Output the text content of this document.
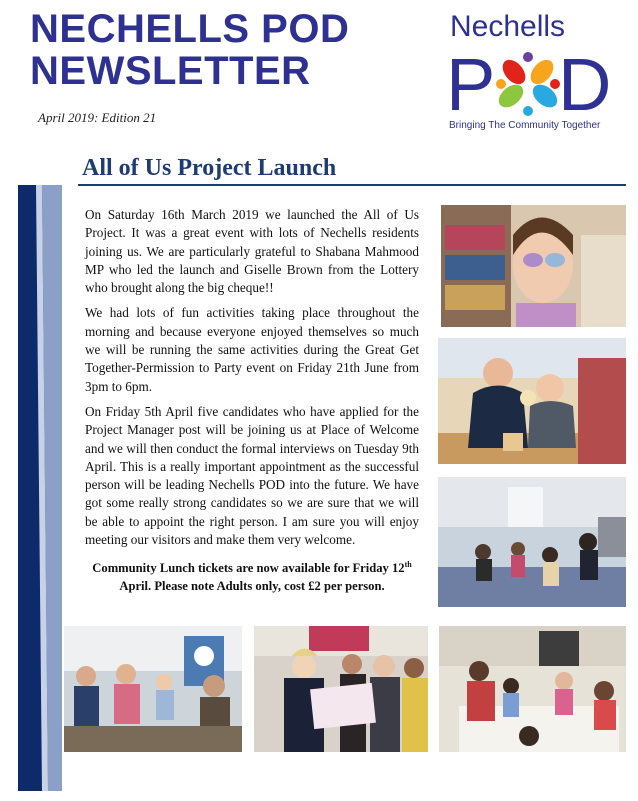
NECHELLS POD
NEWSLETTER
April 2019: Edition 21
Nechells
P D
Bringing The Community Together
All of Us Project Launch

On Saturday 16th March 2019 we launched the All of Us Project. It was a great event with lots of Nechells residents joining us. We are particularly grateful to Shabana Mahmood MP who led the launch and Giselle Brown from the Lottery who brought along the big cheque!!

We had lots of fun activities taking place throughout the morning and because everyone enjoyed themselves so much we will be running the same activities during the Great Get Together-Permission to Party event on Friday 21th June from 3pm to 6pm.

On Friday 5th April five candidates who have applied for the Project Manager post will be joining us at Place of Welcome and we will then conduct the formal interviews on Tuesday 9th April. This is a really important appointment as the successful person will be leading Nechells POD into the future. We have got some really strong candidates so we are sure that we will be able to appoint the right person. I am sure you will enjoy meeting our visitors and make them very welcome.

Community Lunch tickets are now available for Friday 12th April. Please note Adults only, cost £2 per person.
